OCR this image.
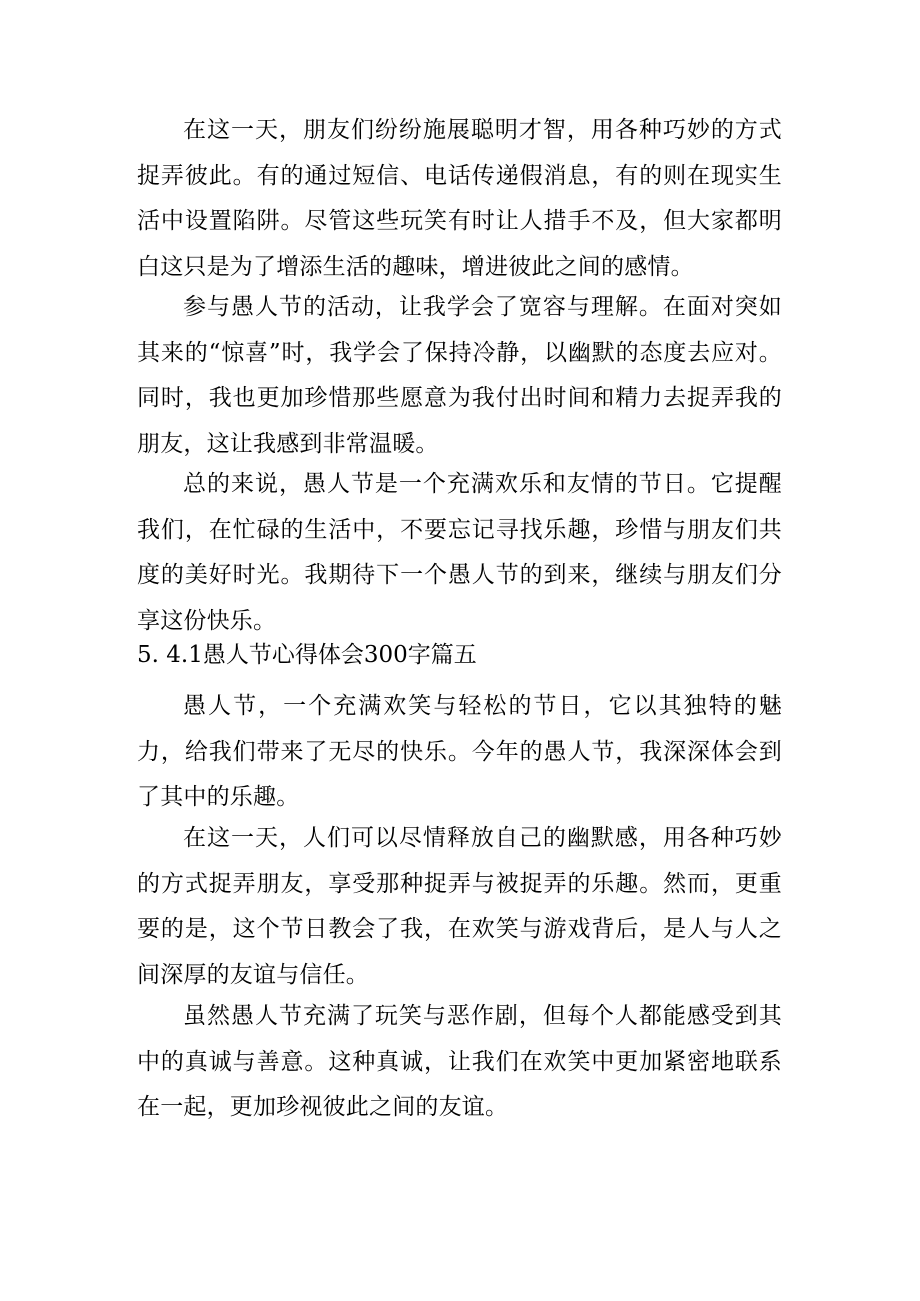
在这一天，朋友们纷纷施展聪明才智，用各种巧妙的方式捉弄彼此。有的通过短信、电话传递假消息，有的则在现实生活中设置陷阱。尽管这些玩笑有时让人措手不及，但大家都明白这只是为了增添生活的趣味，增进彼此之间的感情。

参与愚人节的活动，让我学会了宽容与理解。在面对突如其来的“惊喜”时，我学会了保持冷静，以幽默的态度去应对。同时，我也更加珍惜那些愿意为我付出时间和精力去捉弄我的朋友，这让我感到非常温暖。

总的来说，愚人节是一个充满欢乐和友情的节日。它提醒我们，在忙碌的生活中，不要忘记寻找乐趣，珍惜与朋友们共度的美好时光。我期待下一个愚人节的到来，继续与朋友们分享这份快乐。

5. 4.1愚人节心得体会300字篇五

愚人节，一个充满欢笑与轻松的节日，它以其独特的魅力，给我们带来了无尽的快乐。今年的愚人节，我深深体会到了其中的乐趣。

在这一天，人们可以尽情释放自己的幽默感，用各种巧妙的方式捉弄朋友，享受那种捉弄与被捉弄的乐趣。然而，更重要的是，这个节日教会了我，在欢笑与游戏背后，是人与人之间深厚的友谊与信任。

虽然愚人节充满了玩笑与恶作剧，但每个人都能感受到其中的真诚与善意。这种真诚，让我们在欢笑中更加紧密地联系在一起，更加珍视彼此之间的友谊。
